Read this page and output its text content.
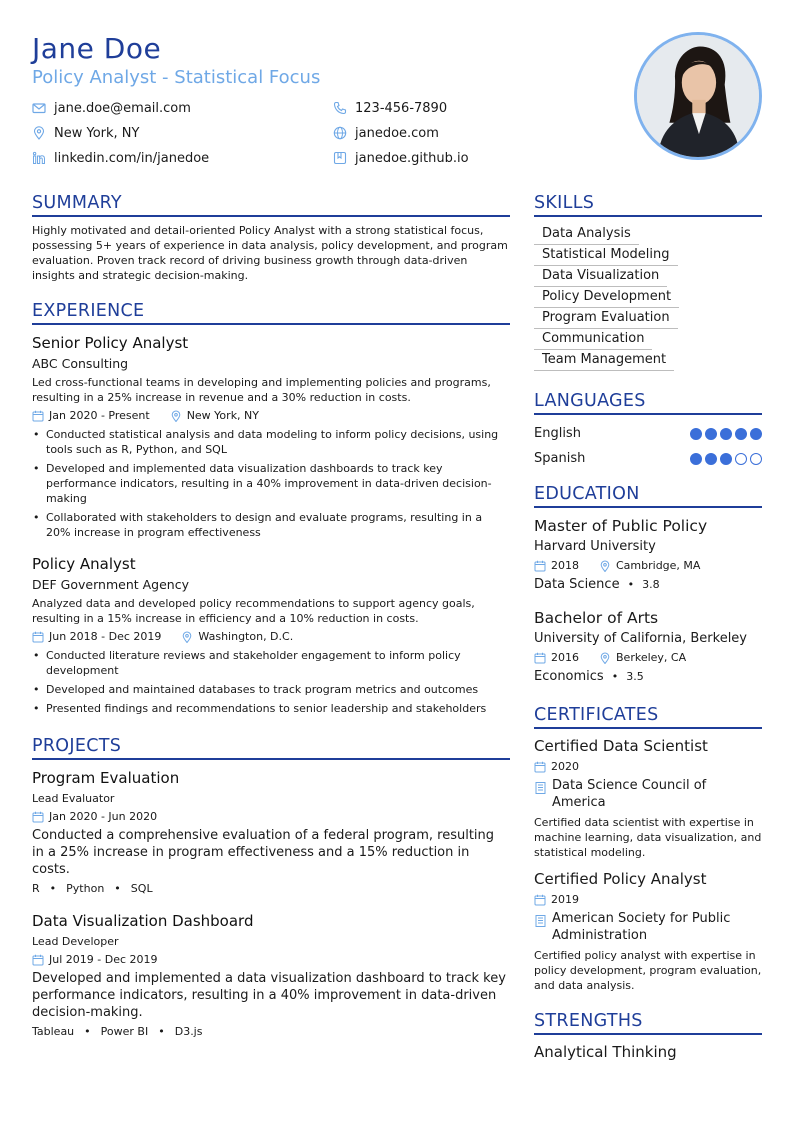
Jane Doe
Policy Analyst - Statistical Focus
jane.doe@email.com	123-456-7890
New York, NY	janedoe.com
linkedin.com/in/janedoe	janedoe.github.io
SUMMARY
Highly motivated and detail-oriented Policy Analyst with a strong statistical focus, possessing 5+ years of experience in data analysis, policy development, and program evaluation. Proven track record of driving business growth through data-driven insights and strategic decision-making.
EXPERIENCE
Senior Policy Analyst
ABC Consulting
Led cross-functional teams in developing and implementing policies and programs, resulting in a 25% increase in revenue and a 30% reduction in costs.
Jan 2020 - Present	New York, NY
• Conducted statistical analysis and data modeling to inform policy decisions, using tools such as R, Python, and SQL
• Developed and implemented data visualization dashboards to track key performance indicators, resulting in a 40% improvement in data-driven decision-making
• Collaborated with stakeholders to design and evaluate programs, resulting in a 20% increase in program effectiveness
Policy Analyst
DEF Government Agency
Analyzed data and developed policy recommendations to support agency goals, resulting in a 15% increase in efficiency and a 10% reduction in costs.
Jun 2018 - Dec 2019	Washington, D.C.
• Conducted literature reviews and stakeholder engagement to inform policy development
• Developed and maintained databases to track program metrics and outcomes
• Presented findings and recommendations to senior leadership and stakeholders
PROJECTS
Program Evaluation
Lead Evaluator
Jan 2020 - Jun 2020
Conducted a comprehensive evaluation of a federal program, resulting in a 25% increase in program effectiveness and a 15% reduction in costs.
R • Python • SQL
Data Visualization Dashboard
Lead Developer
Jul 2019 - Dec 2019
Developed and implemented a data visualization dashboard to track key performance indicators, resulting in a 40% improvement in data-driven decision-making.
Tableau • Power BI • D3.js
SKILLS
Data Analysis
Statistical Modeling
Data Visualization
Policy Development
Program Evaluation
Communication
Team Management
LANGUAGES
English
Spanish
EDUCATION
Master of Public Policy
Harvard University
2018	Cambridge, MA
Data Science • 3.8
Bachelor of Arts
University of California, Berkeley
2016	Berkeley, CA
Economics • 3.5
CERTIFICATES
Certified Data Scientist
2020
Data Science Council of America
Certified data scientist with expertise in machine learning, data visualization, and statistical modeling.
Certified Policy Analyst
2019
American Society for Public Administration
Certified policy analyst with expertise in policy development, program evaluation, and data analysis.
STRENGTHS
Analytical Thinking
